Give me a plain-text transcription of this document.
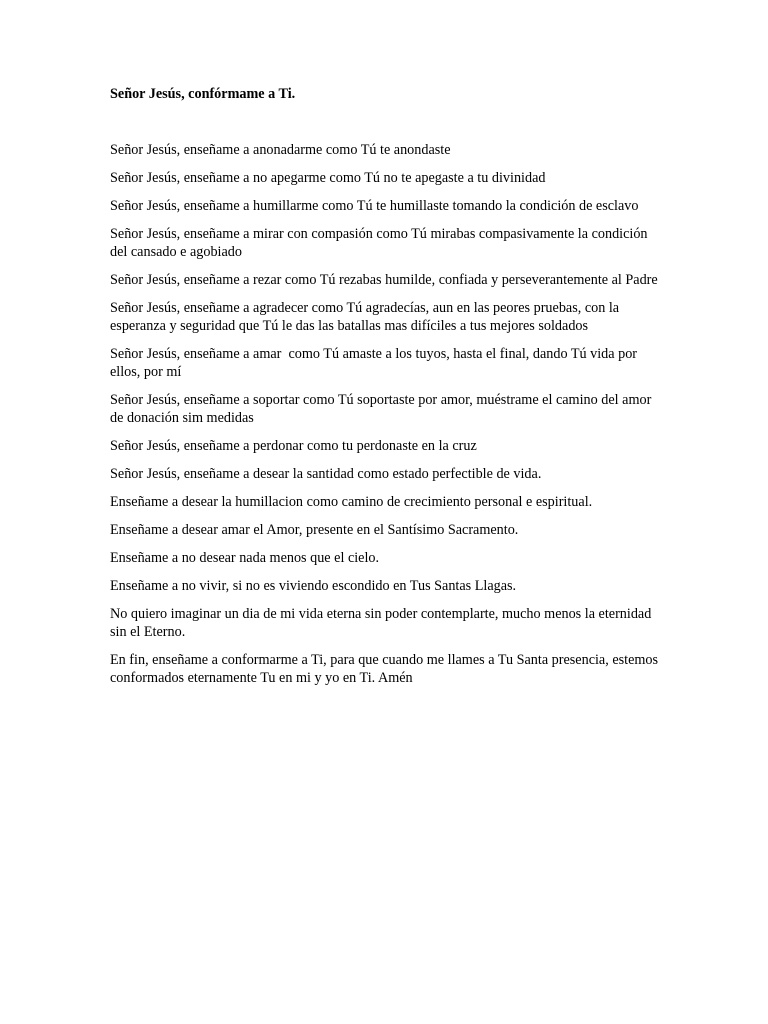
Señor Jesús, confórmame a Ti.

Señor Jesús, enseñame a anonadarme como Tú te anondaste

Señor Jesús, enseñame a no apegarme como Tú no te apegaste a tu divinidad

Señor Jesús, enseñame a humillarme como Tú te humillaste tomando la condición de esclavo

Señor Jesús, enseñame a mirar con compasión como Tú mirabas compasivamente la condición del cansado e agobiado

Señor Jesús, enseñame a rezar como Tú rezabas humilde, confiada y perseverantemente al Padre

Señor Jesús, enseñame a agradecer como Tú agradecías, aun en las peores pruebas, con la esperanza y seguridad que Tú le das las batallas mas difíciles a tus mejores soldados

Señor Jesús, enseñame a amar  como Tú amaste a los tuyos, hasta el final, dando Tú vida por ellos, por mí

Señor Jesús, enseñame a soportar como Tú soportaste por amor, muéstrame el camino del amor de donación sim medidas

Señor Jesús, enseñame a perdonar como tu perdonaste en la cruz

Señor Jesús, enseñame a desear la santidad como estado perfectible de vida.

Enseñame a desear la humillacion como camino de crecimiento personal e espiritual.

Enseñame a desear amar el Amor, presente en el Santísimo Sacramento.

Enseñame a no desear nada menos que el cielo.

Enseñame a no vivir, si no es viviendo escondido en Tus Santas Llagas.

No quiero imaginar un dia de mi vida eterna sin poder contemplarte, mucho menos la eternidad sin el Eterno.

En fin, enseñame a conformarme a Ti, para que cuando me llames a Tu Santa presencia, estemos conformados eternamente Tu en mi y yo en Ti. Amén
